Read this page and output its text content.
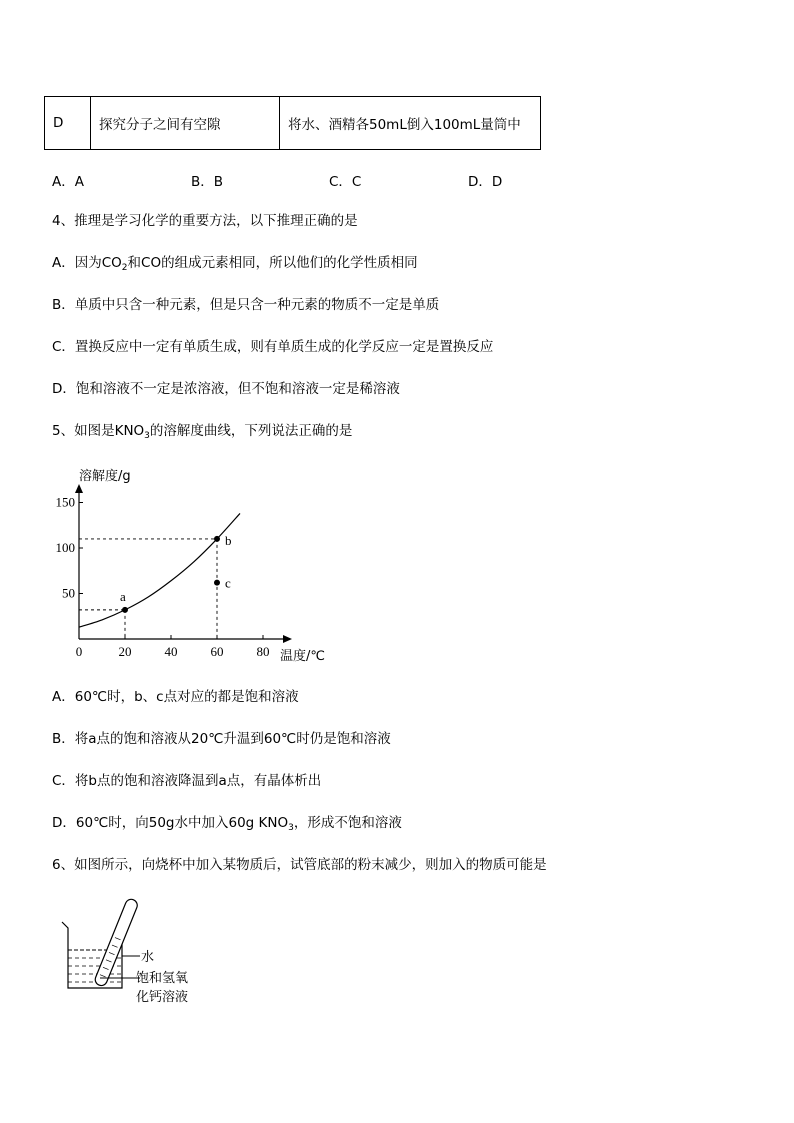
D	探究分子之间有空隙	将水、酒精各50mL倒入100mL量筒中
A．A	B．B	C．C	D．D
4、推理是学习化学的重要方法，以下推理正确的是
A．因为$CO_2$和CO的组成元素相同，所以他们的化学性质相同
B．单质中只含一种元素，但是只含一种元素的物质不一定是单质
C．置换反应中一定有单质生成，则有单质生成的化学反应一定是置换反应
D．饱和溶液不一定是浓溶液，但不饱和溶液一定是稀溶液
5、如图是$KNO_3$的溶解度曲线，下列说法正确的是
0	20	40	60	80
50
100
150
a
b
c
溶解度/g
温度/℃
A．60℃时，b、c点对应的都是饱和溶液
B．将a点的饱和溶液从20℃升温到60℃时仍是饱和溶液
C．将b点的饱和溶液降温到a点，有晶体析出
D．60℃时，向50g水中加入60g $KNO_3$，形成不饱和溶液
6、如图所示，向烧杯中加入某物质后，试管底部的粉末减少，则加入的物质可能是
水
饱和氢氧
化钙溶液
